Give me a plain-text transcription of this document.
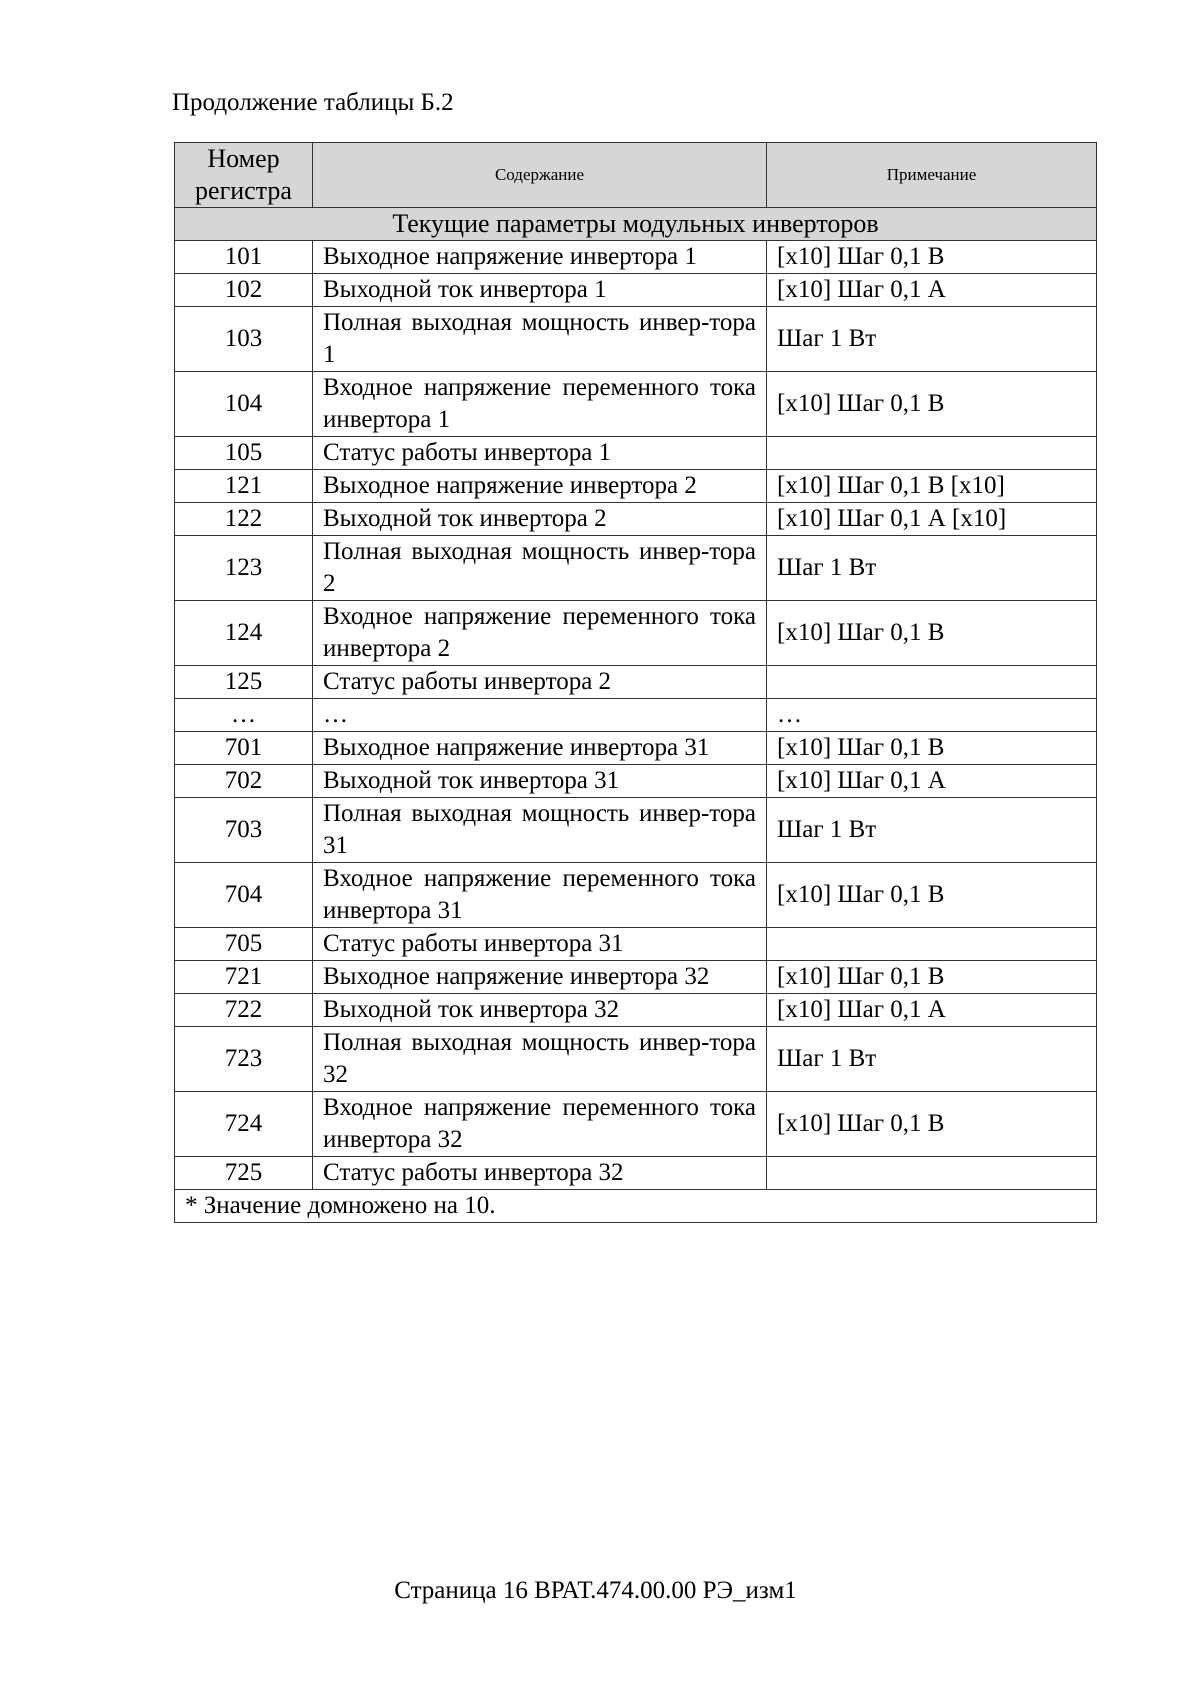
Продолжение таблицы Б.2
Номер регистра	Содержание	Примечание
Текущие параметры модульных инверторов		
101	Выходное напряжение инвертора 1	[x10] Шаг 0,1 В
102	Выходной ток инвертора 1	[x10] Шаг 0,1 А
103	Полная выходная мощность инвер-тора 1	Шаг 1 Вт
104	Входное напряжение переменного тока инвертора 1	[x10] Шаг 0,1 В
105	Статус работы инвертора 1	
121	Выходное напряжение инвертора 2	[x10] Шаг 0,1 В [x10]
122	Выходной ток инвертора 2	[x10] Шаг 0,1 А [x10]
123	Полная выходная мощность инвер-тора 2	Шаг 1 Вт
124	Входное напряжение переменного тока инвертора 2	[x10] Шаг 0,1 В
125	Статус работы инвертора 2	
…	…	…
701	Выходное напряжение инвертора 31	[x10] Шаг 0,1 В
702	Выходной ток инвертора 31	[x10] Шаг 0,1 А
703	Полная выходная мощность инвер-тора 31	Шаг 1 Вт
704	Входное напряжение переменного тока инвертора 31	[x10] Шаг 0,1 В
705	Статус работы инвертора 31	
721	Выходное напряжение инвертора 32	[x10] Шаг 0,1 В
722	Выходной ток инвертора 32	[x10] Шаг 0,1 А
723	Полная выходная мощность инвер-тора 32	Шаг 1 Вт
724	Входное напряжение переменного тока инвертора 32	[x10] Шаг 0,1 В
725	Статус работы инвертора 32	
* Значение домножено на 10.		
Страница 16 ВРАТ.474.00.00 РЭ_изм1
